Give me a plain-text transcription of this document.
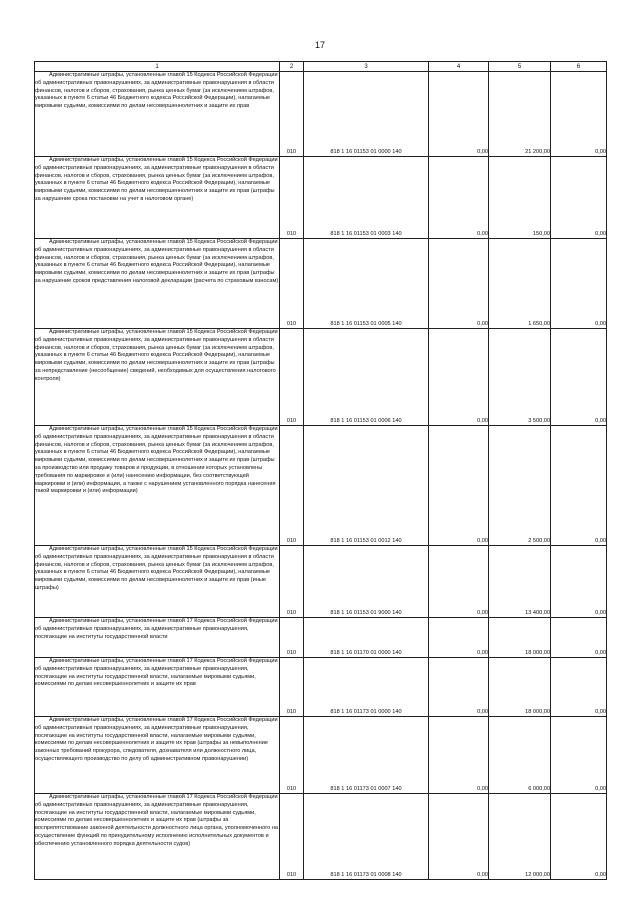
17
1	2	3	4	5	6
Административные штрафы, установленные главой 15 Кодекса Российской Федерации об административных правонарушениях, за административные правонарушения в области финансов, налогов и сборов, страхования, рынка ценных бумаг (за исключением штрафов, указанных в пункте 6 статьи 46 Бюджетного кодекса Российской Федерации), налагаемые мировыми судьями, комиссиями по делам несовершеннолетних и защите их прав	010	818 1 16 01153 01 0000 140	0,00	21 200,00	0,00
Административные штрафы, установленные главой 15 Кодекса Российской Федерации об административных правонарушениях, за административные правонарушения в области финансов, налогов и сборов, страхования, рынка ценных бумаг (за исключением штрафов, указанных в пункте 6 статьи 46 Бюджетного кодекса Российской Федерации), налагаемые мировыми судьями, комиссиями по делам несовершеннолетних и защите их прав (штрафы за нарушение срока постановки на учет в налоговом органе)	010	818 1 16 01153 01 0003 140	0,00	150,00	0,00
Административные штрафы, установленные главой 15 Кодекса Российской Федерации об административных правонарушениях, за административные правонарушения в области финансов, налогов и сборов, страхования, рынка ценных бумаг (за исключением штрафов, указанных в пункте 6 статьи 46 Бюджетного кодекса Российской Федерации), налагаемые мировыми судьями, комиссиями по делам несовершеннолетних и защите их прав (штрафы за нарушение сроков представления налоговой декларации (расчета по страховым взносам)	010	818 1 16 01153 01 0005 140	0,00	1 650,00	0,00
Административные штрафы, установленные главой 15 Кодекса Российской Федерации об административных правонарушениях, за административные правонарушения в области финансов, налогов и сборов, страхования, рынка ценных бумаг (за исключением штрафов, указанных в пункте 6 статьи 46 Бюджетного кодекса Российской Федерации), налагаемые мировыми судьями, комиссиями по делам несовершеннолетних и защите их прав (штрафы за непредставление (несообщение) сведений, необходимых для осуществления налогового контроля)	010	818 1 16 01153 01 0006 140	0,00	3 500,00	0,00
Административные штрафы, установленные главой 15 Кодекса Российской Федерации об административных правонарушениях, за административные правонарушения в области финансов, налогов и сборов, страхования, рынка ценных бумаг (за исключением штрафов, указанных в пункте 6 статьи 46 Бюджетного кодекса Российской Федерации), налагаемые мировыми судьями, комиссиями по делам несовершеннолетних и защите их прав (штрафы за производство или продажу товаров и продукции, в отношении которых установлены требования по маркировке и (или) нанесению информации, без соответствующей маркировки и (или) информации, а также с нарушением установленного порядка нанесения такой маркировки и (или) информации)	010	818 1 16 01153 01 0012 140	0,00	2 500,00	0,00
Административные штрафы, установленные главой 15 Кодекса Российской Федерации об административных правонарушениях, за административные правонарушения в области финансов, налогов и сборов, страхования, рынка ценных бумаг (за исключением штрафов, указанных в пункте 6 статьи 46 Бюджетного кодекса Российской Федерации), налагаемые мировыми судьями, комиссиями по делам несовершеннолетних и защите их прав (иные штрафы)	010	818 1 16 01153 01 9000 140	0,00	13 400,00	0,00
Административные штрафы, установленные главой 17 Кодекса Российской Федерации об административных правонарушениях, за административные правонарушения, посягающие на институты государственной власти	010	818 1 16 01170 01 0000 140	0,00	18 000,00	0,00
Административные штрафы, установленные главой 17 Кодекса Российской Федерации об административных правонарушениях, за административные правонарушения, посягающие на институты государственной власти, налагаемые мировыми судьями, комиссиями по делам несовершеннолетних и защите их прав	010	818 1 16 01173 01 0000 140	0,00	18 000,00	0,00
Административные штрафы, установленные главой 17 Кодекса Российской Федерации об административных правонарушениях, за административные правонарушения, посягающие на институты государственной власти, налагаемые мировыми судьями, комиссиями по делам несовершеннолетних и защите их прав (штрафы за невыполнение законных требований прокурора, следователя, дознавателя или должностного лица, осуществляющего производство по делу об административном правонарушении)	010	818 1 16 01173 01 0007 140	0,00	6 000,00	0,00
Административные штрафы, установленные главой 17 Кодекса Российской Федерации об административных правонарушениях, за административные правонарушения, посягающие на институты государственной власти, налагаемые мировыми судьями, комиссиями по делам несовершеннолетних и защите их прав (штрафы за воспрепятствование законной деятельности должностного лица органа, уполномоченного на осуществление функций по принудительному исполнению исполнительных документов и обеспечению установленного порядка деятельности судов)	010	818 1 16 01173 01 0008 140	0,00	12 000,00	0,00
